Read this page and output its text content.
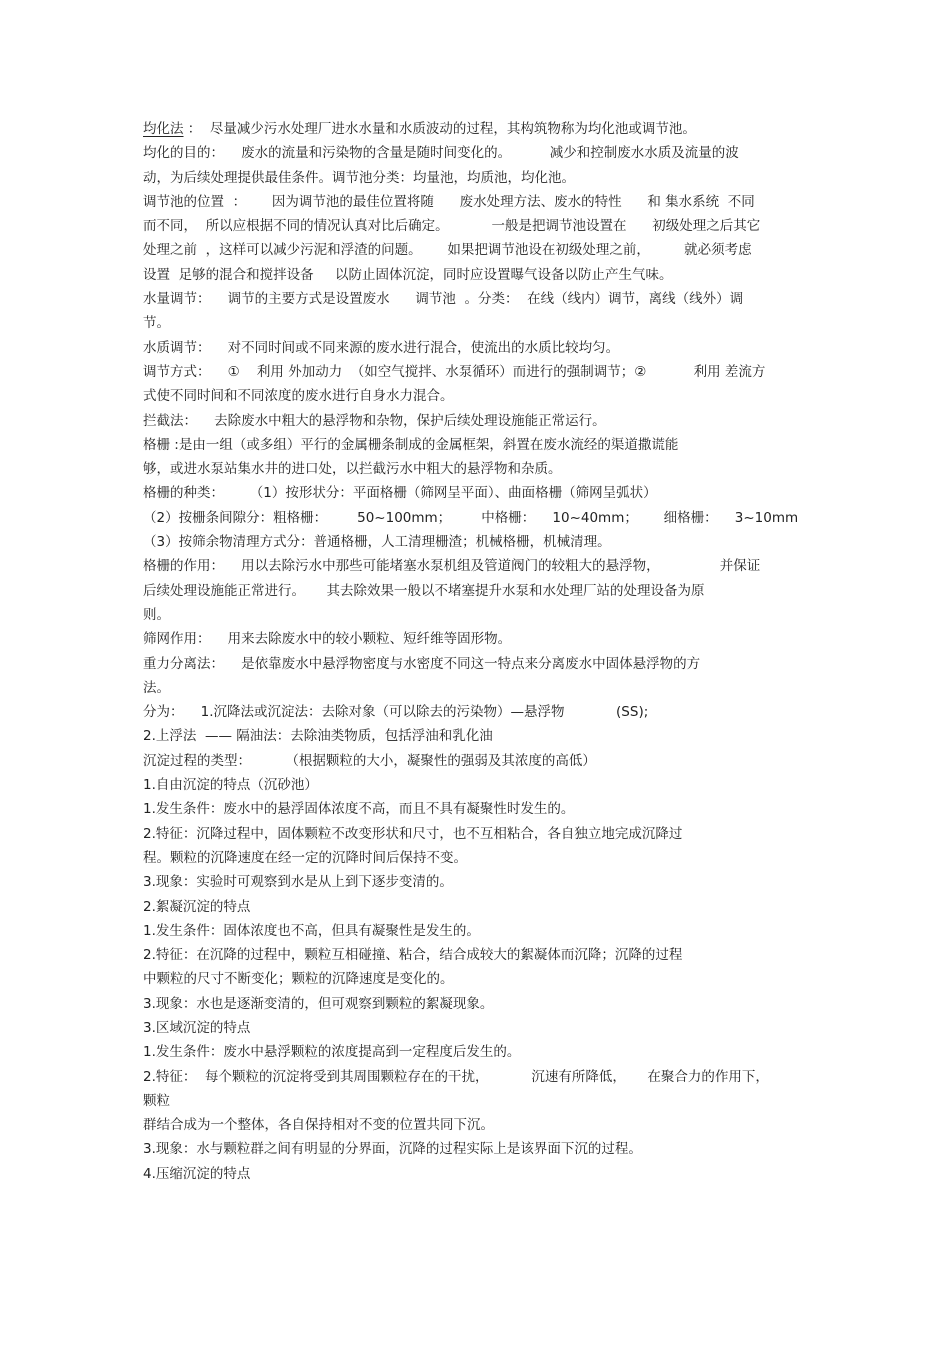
均化法 ：  尽量减少污水处理厂进水水量和水质波动的过程，其构筑物称为均化池或调节池。
均化的目的：    废水的流量和污染物的含量是随时间变化的。         减少和控制废水水质及流量的波
动，为后续处理提供最佳条件。调节池分类：均量池，均质池，均化池。
调节池的位置  ：      因为调节池的最佳位置将随      废水处理方法、废水的特性      和 集水系统  不同
而不同，  所以应根据不同的情况认真对比后确定。          一般是把调节池设置在      初级处理之后其它
处理之前  ，这样可以减少污泥和浮渣的问题。      如果把调节池设在初级处理之前，        就必须考虑
设置  足够的混合和搅拌设备     以防止固体沉淀，同时应设置曝气设备以防止产生气味。
水量调节：    调节的主要方式是设置废水      调节池  。分类：  在线（线内）调节，离线（线外）调
节。
水质调节：    对不同时间或不同来源的废水进行混合，使流出的水质比较均匀。
调节方式：    ①    利用 外加动力  （如空气搅拌、水泵循环）而进行的强制调节；②           利用 差流方
式使不同时间和不同浓度的废水进行自身水力混合。
拦截法：    去除废水中粗大的悬浮物和杂物，保护后续处理设施能正常运行。
格栅 :是由一组（或多组）平行的金属栅条制成的金属框架，斜置在废水流经的渠道撒谎能
够，或进水泵站集水井的进口处，以拦截污水中粗大的悬浮物和杂质。
格栅的种类：      （1）按形状分：平面格栅（筛网呈平面）、曲面格栅（筛网呈弧状）
（2）按栅条间隙分：粗格栅：       50~100mm；       中格栅：    10~40mm；      细格栅：    3~10mm
（3）按筛余物清理方式分：普通格栅，人工清理栅渣；机械格栅，机械清理。
格栅的作用：    用以去除污水中那些可能堵塞水泵机组及管道阀门的较粗大的悬浮物，              并保证
后续处理设施能正常进行。     其去除效果一般以不堵塞提升水泵和水处理厂站的处理设备为原
则。
筛网作用：    用来去除废水中的较小颗粒、短纤维等固形物。
重力分离法：    是依靠废水中悬浮物密度与水密度不同这一特点来分离废水中固体悬浮物的方
法。
分为：    1.沉降法或沉淀法：去除对象（可以除去的污染物）—悬浮物            (SS);
2.上浮法  —— 隔油法：去除油类物质，包括浮油和乳化油
沉淀过程的类型：        （根据颗粒的大小，凝聚性的强弱及其浓度的高低）
1.自由沉淀的特点（沉砂池）
1.发生条件：废水中的悬浮固体浓度不高，而且不具有凝聚性时发生的。
2.特征：沉降过程中，固体颗粒不改变形状和尺寸，也不互相粘合，各自独立地完成沉降过
程。颗粒的沉降速度在经一定的沉降时间后保持不变。
3.现象：实验时可观察到水是从上到下逐步变清的。
2.絮凝沉淀的特点
1.发生条件：固体浓度也不高，但具有凝聚性是发生的。
2.特征：在沉降的过程中，颗粒互相碰撞、粘合，结合成较大的絮凝体而沉降；沉降的过程
中颗粒的尺寸不断变化；颗粒的沉降速度是变化的。
3.现象：水也是逐渐变清的，但可观察到颗粒的絮凝现象。
3.区域沉淀的特点
1.发生条件：废水中悬浮颗粒的浓度提高到一定程度后发生的。
2.特征：  每个颗粒的沉淀将受到其周围颗粒存在的干扰，          沉速有所降低，     在聚合力的作用下，
颗粒
群结合成为一个整体，各自保持相对不变的位置共同下沉。
3.现象：水与颗粒群之间有明显的分界面，沉降的过程实际上是该界面下沉的过程。
4.压缩沉淀的特点
